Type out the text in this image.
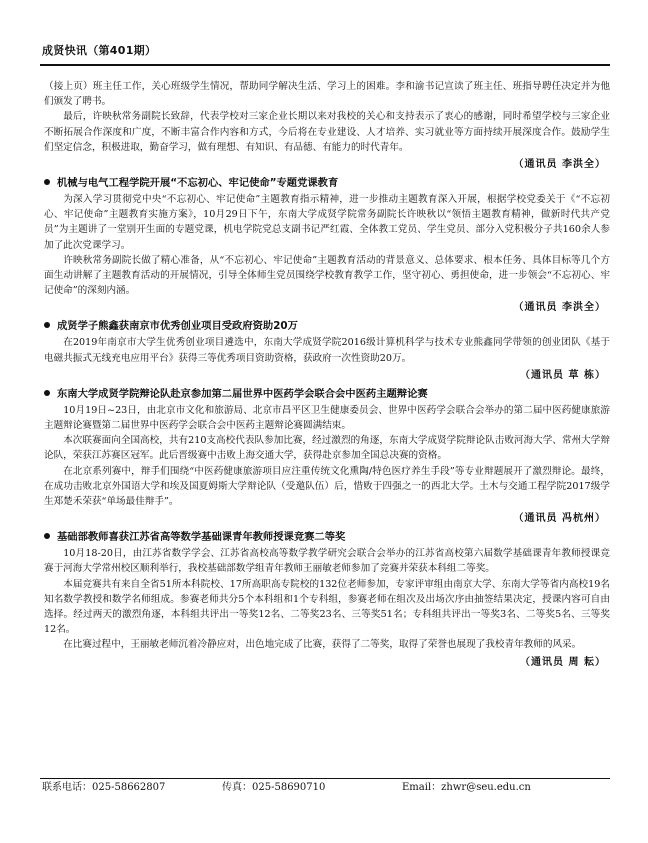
成贤快讯（第401期）

（接上页）班主任工作，关心班级学生情况，帮助同学解决生活、学习上的困难。李和渝书记宣读了班主任、班指导聘任决定并为他们颁发了聘书。

最后，许映秋常务副院长致辞，代表学校对三家企业长期以来对我校的关心和支持表示了衷心的感谢，同时希望学校与三家企业不断拓展合作深度和广度，不断丰富合作内容和方式，今后将在专业建设、人才培养、实习就业等方面持续开展深度合作。鼓励学生们坚定信念，积极进取，勤奋学习，做有理想、有知识、有品德、有能力的时代青年。

（通讯员 李洪全）
机械与电气工程学院开展“不忘初心、牢记使命”专题党课教育

为深入学习贯彻党中央“不忘初心、牢记使命”主题教育指示精神，进一步推动主题教育深入开展，根据学校党委关于《“不忘初心、牢记使命”主题教育实施方案》，10月29日下午，东南大学成贤学院常务副院长许映秋以“领悟主题教育精神，做新时代共产党员”为主题讲了一堂别开生面的专题党课，机电学院党总支副书记严红霞、全体教工党员、学生党员、部分入党积极分子共160余人参加了此次党课学习。

许映秋常务副院长做了精心准备，从“不忘初心、牢记使命”主题教育活动的背景意义、总体要求、根本任务、具体目标等几个方面生动讲解了主题教育活动的开展情况，引导全体师生党员围绕学校教育教学工作，坚守初心、勇担使命，进一步领会“不忘初心、牢记使命”的深刻内涵。

（通讯员 李洪全）
成贤学子熊鑫获南京市优秀创业项目受政府资助20万

在2019年南京市大学生优秀创业项目遴选中，东南大学成贤学院2016级计算机科学与技术专业熊鑫同学带领的创业团队《基于电磁共振式无线充电应用平台》获得三等优秀项目资助资格，获政府一次性资助20万。

（通讯员 草 栋）
东南大学成贤学院辩论队赴京参加第二届世界中医药学会联合会中医药主题辩论赛

10月19日~23日，由北京市文化和旅游局、北京市昌平区卫生健康委员会、世界中医药学会联合会举办的第二届中医药健康旅游主题辩论赛暨第二届世界中医药学会联合会中医药主题辩论赛圆满结束。

本次联赛面向全国高校，共有210支高校代表队参加比赛，经过激烈的角逐，东南大学成贤学院辩论队击败河海大学、常州大学辩论队，荣获江苏赛区冠军。此后晋级赛中击败上海交通大学，获得赴京参加全国总决赛的资格。

在北京系列赛中，辩手们围绕“中医药健康旅游项目应注重传统文化熏陶/特色医疗养生手段”等专业辩题展开了激烈辩论。最终，在成功击败北京外国语大学和埃及国夏姆斯大学辩论队（受邀队伍）后，惜败于四强之一的西北大学。土木与交通工程学院2017级学生郑楚禾荣获“单场最佳辩手”。

（通讯员 冯杭州）
基础部教师喜获江苏省高等数学基础课青年教师授课竞赛二等奖

10月18-20日，由江苏省数学学会、江苏省高校高等数学教学研究会联合会举办的江苏省高校第六届数学基础课青年教师授课竞赛于河海大学常州校区顺利举行，我校基础部数学组青年教师王丽敏老师参加了竞赛并荣获本科组二等奖。

本届竞赛共有来自全省51所本科院校、17所高职高专院校的132位老师参加，专家评审组由南京大学、东南大学等省内高校19名知名数学教授和数学名师组成。参赛老师共分5个本科组和1个专科组，参赛老师在组次及出场次序由抽签结果决定，授课内容可自由选择。经过两天的激烈角逐，本科组共评出一等奖12名、二等奖23名、三等奖51名；专科组共评出一等奖3名、二等奖5名、三等奖12名。

在比赛过程中，王丽敏老师沉着冷静应对，出色地完成了比赛，获得了二等奖，取得了荣誉也展现了我校青年教师的风采。

（通讯员 周 耘）
联系电话：025-58662807	传真：025-58690710	Email：zhwr@seu.edu.cn
